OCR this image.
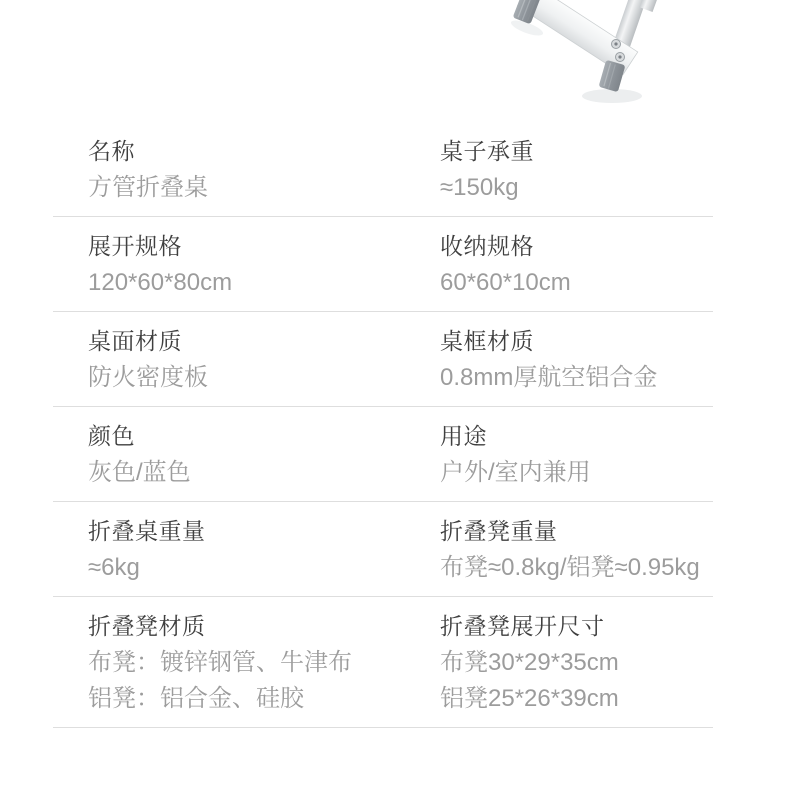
名称
方管折叠桌
桌子承重
≈150kg
展开规格
120*60*80cm
收纳规格
60*60*10cm
桌面材质
防火密度板
桌框材质
0.8mm厚航空铝合金
颜色
灰色/蓝色
用途
户外/室内兼用
折叠桌重量
≈6kg
折叠凳重量
布凳≈0.8kg/铝凳≈0.95kg
折叠凳材质
布凳：镀锌钢管、牛津布
铝凳：铝合金、硅胶
折叠凳展开尺寸
布凳30*29*35cm
铝凳25*26*39cm
